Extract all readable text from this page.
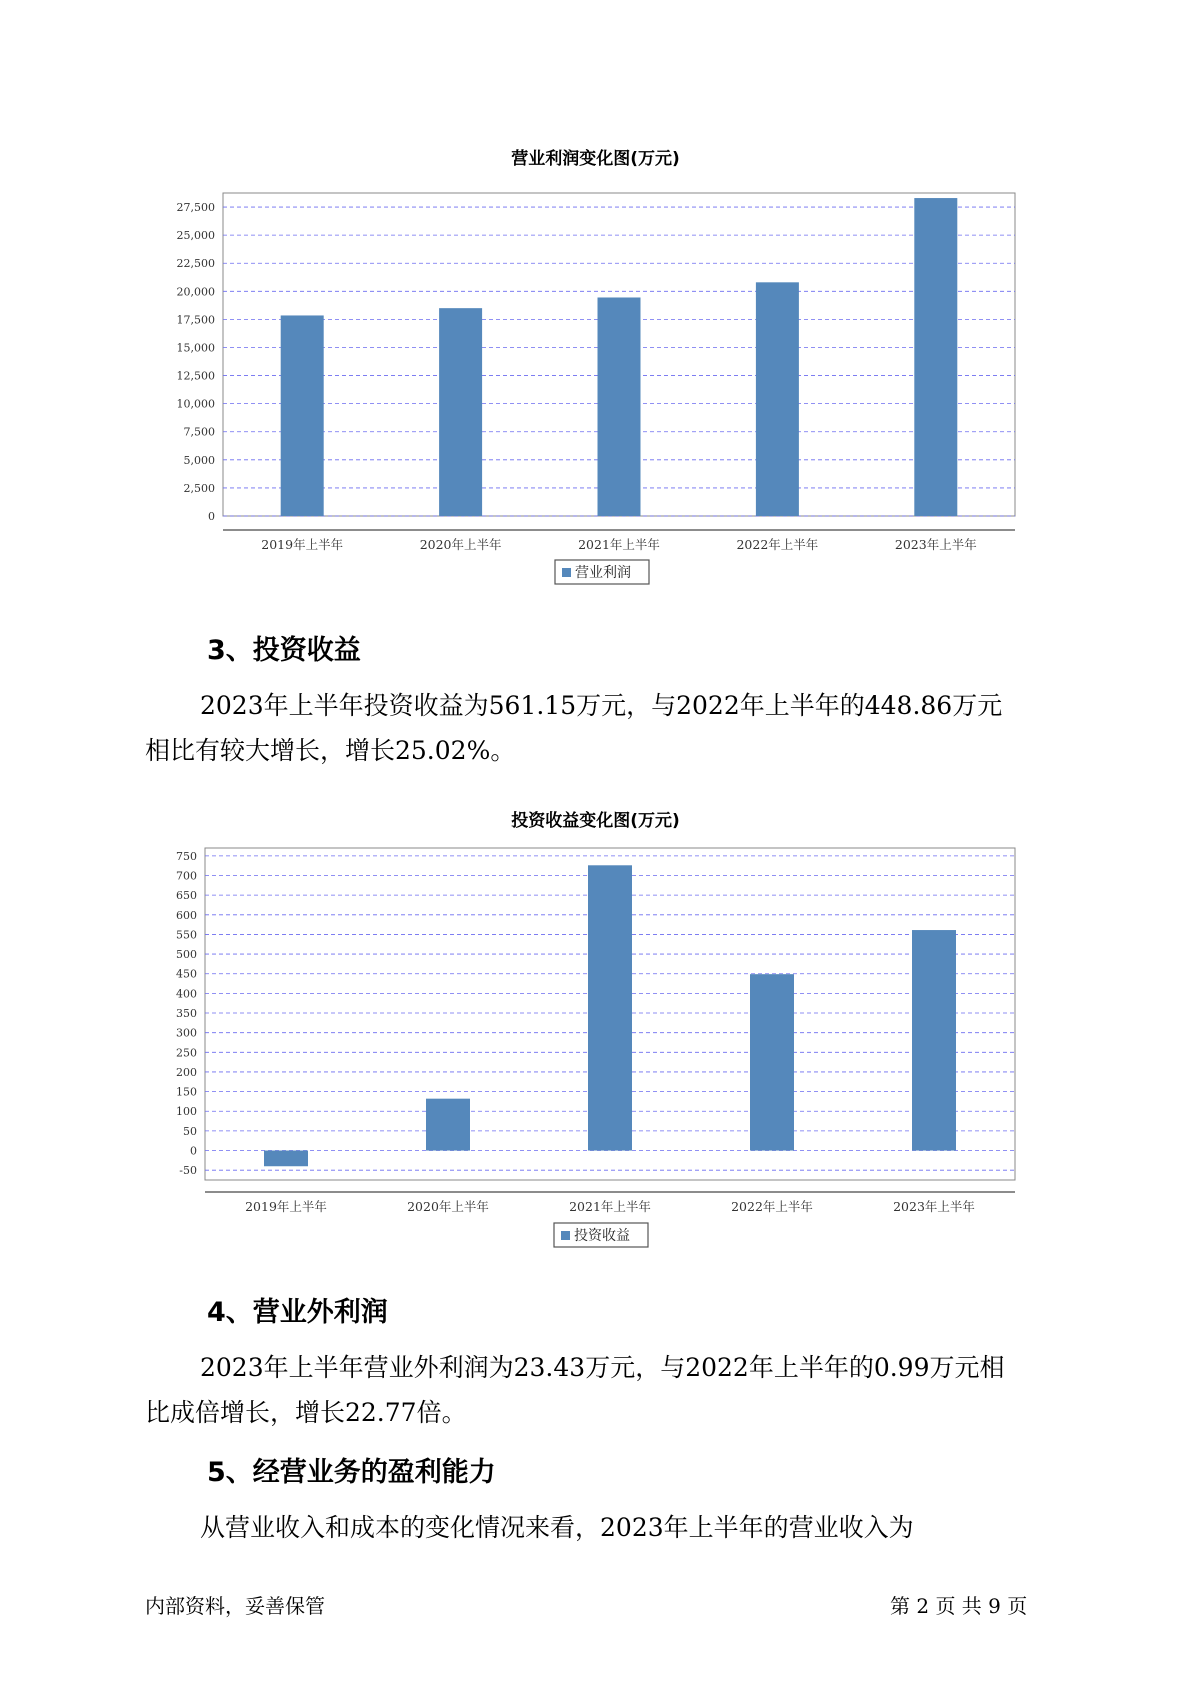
营业利润变化图(万元)
0
2,500
5,000
7,500
10,000
12,500
15,000
17,500
20,000
22,500
25,000
27,500
2019年上半年	2020年上半年	2021年上半年	2022年上半年	2023年上半年
营业利润
3、投资收益
2023年上半年投资收益为561.15万元，与2022年上半年的448.86万元
相比有较大增长，增长25.02%。
投资收益变化图(万元)
-50
0
50
100
150
200
250
300
350
400
450
500
550
600
650
700
750
2019年上半年	2020年上半年	2021年上半年	2022年上半年	2023年上半年
投资收益
4、营业外利润
2023年上半年营业外利润为23.43万元，与2022年上半年的0.99万元相
比成倍增长，增长22.77倍。
5、经营业务的盈利能力
从营业收入和成本的变化情况来看，2023年上半年的营业收入为
内部资料，妥善保管	第 2 页 共 9 页
